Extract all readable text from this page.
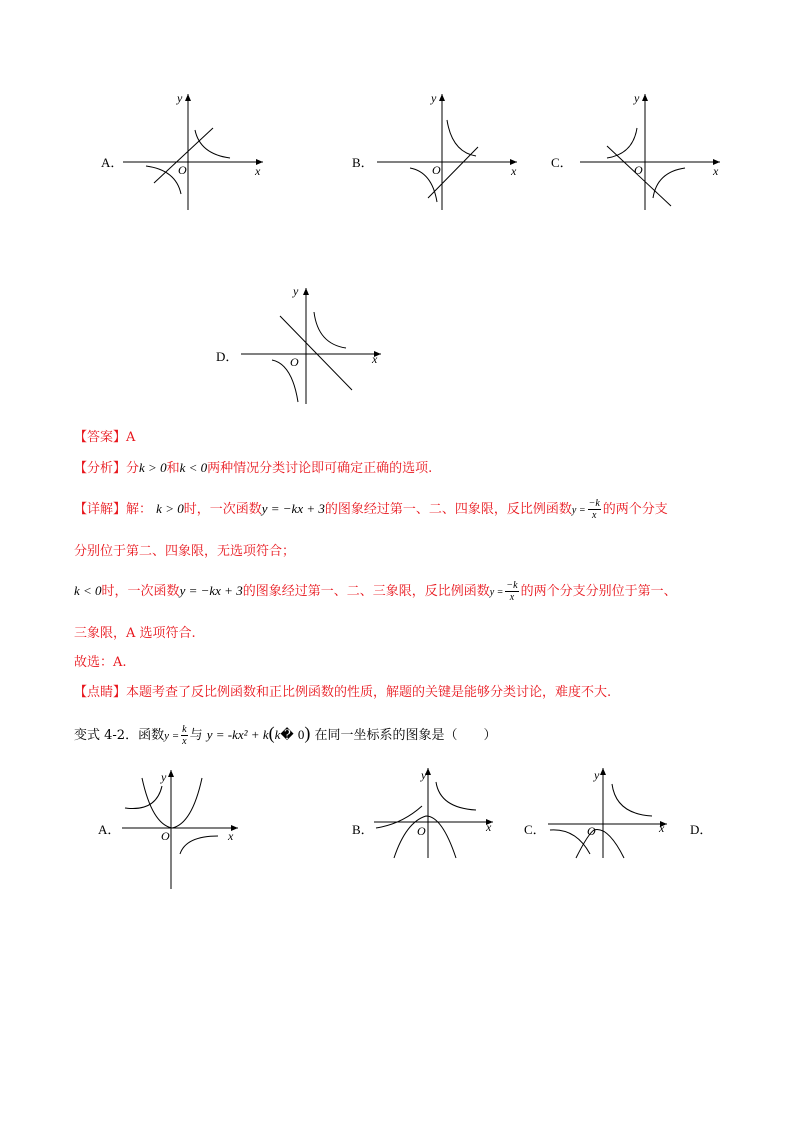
A．
x
y
O	B．
x
y
O	C．
x
y
O
D．	x
y
O
【答案】A
【分析】分k > 0和k < 0两种情况分类讨论即可确定正确的选项.
【详解】解： k > 0时，一次函数y = −kx + 3的图象经过第一、二、四象限，反比例函数$y = \frac{-k}{x}$ 的两个分支
分别位于第二、四象限，无选项符合；
k < 0时，一次函数y = −kx + 3的图象经过第一、二、三象限，反比例函数$y = \frac{-k}{x}$ 的两个分支分别位于第一、
三象限，A 选项符合.
故选：A.
【点睛】本题考查了反比例函数和正比例函数的性质，解题的关键是能够分类讨论，难度不大.
变式 4-2．函数$y = \frac{k}{x}$ 与 y = -kx² + k(k� 0) 在同一坐标系的图象是（　　）
A．	x
y
O	B．	x
y
O	C．	x
y
O	D．
